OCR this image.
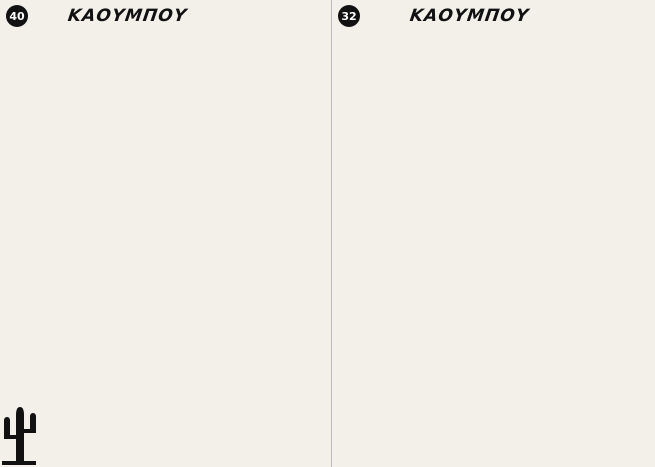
40 ΚΑΟΥΜΠΟΥ	32	ΚΑΟΥΜΠΟΥ
